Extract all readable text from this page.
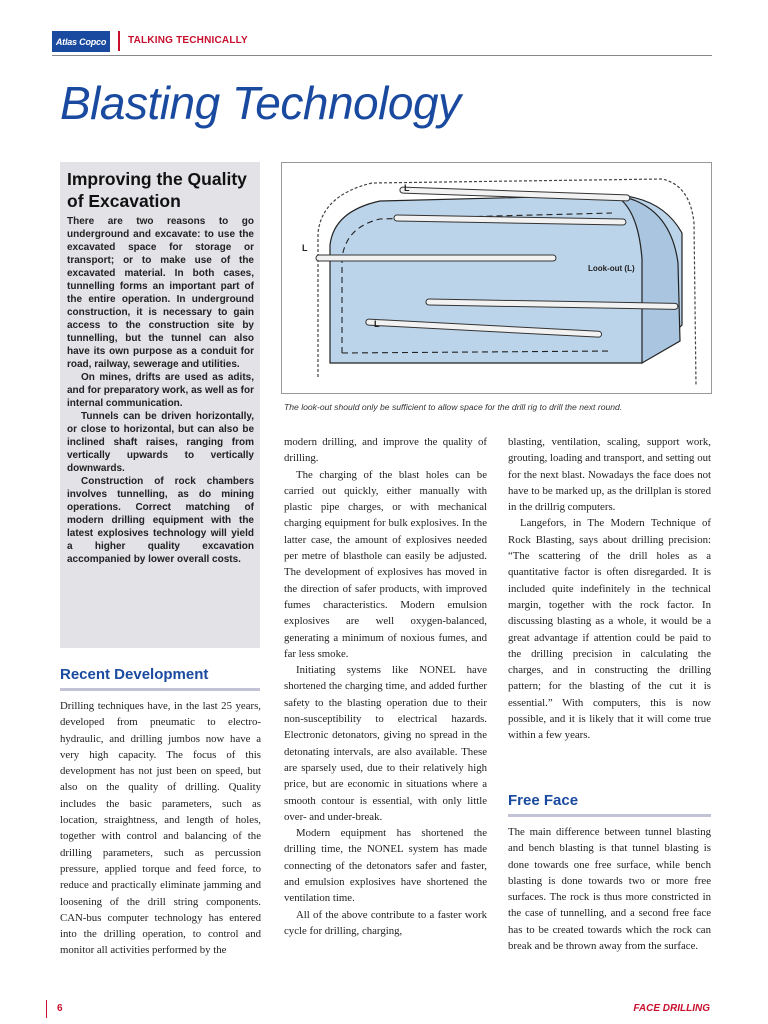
Atlas Copco	TALKING TECHNICALLY
Blasting Technology
Improving the Quality of Excavation

There are two reasons to go underground and excavate: to use the excavated space for storage or transport; or to make use of the excavated material. In both cases, tunnelling forms an important part of the entire operation. In underground construction, it is necessary to gain access to the construction site by tunnelling, but the tunnel can also have its own purpose as a conduit for road, railway, sewerage and utilities.

On mines, drifts are used as adits, and for preparatory work, as well as for internal communication.

Tunnels can be driven horizontally, or close to horizontal, but can also be inclined shaft raises, ranging from vertically upwards to vertically downwards.

Construction of rock chambers involves tunnelling, as do mining operations. Correct matching of modern drilling equipment with the latest explosives technology will yield a higher quality excavation accompanied by lower overall costs.

Recent Development

Drilling techniques have, in the last 25 years, developed from pneumatic to electro-hydraulic, and drilling jumbos now have a very high capacity. The focus of this development has not just been on speed, but also on the quality of drilling. Quality includes the basic parameters, such as location, straightness, and length of holes, together with control and balancing of the drilling parameters, such as percussion pressure, applied torque and feed force, to reduce and practically eliminate jamming and loosening of the drill string components. CAN-bus computer technology has entered into the drilling operation, to control and monitor all activities performed by the

L
L
L
Look-out (L)
The look-out should only be sufficient to allow space for the drill rig to drill the next round.

modern drilling, and improve the quality of drilling.

The charging of the blast holes can be carried out quickly, either manually with plastic pipe charges, or with mechanical charging equipment for bulk explosives. In the latter case, the amount of explosives needed per metre of blasthole can easily be adjusted. The development of explosives has moved in the direction of safer products, with improved fumes characteristics. Modern emulsion explosives are well oxygen-balanced, generating a minimum of noxious fumes, and far less smoke.

Initiating systems like NONEL have shortened the charging time, and added further safety to the blasting operation due to their non-susceptibility to electrical hazards. Electronic detonators, giving no spread in the detonating intervals, are also available. These are sparsely used, due to their relatively high price, but are economic in situations where a smooth contour is essential, with only little over- and under-break.

Modern equipment has shortened the drilling time, the NONEL system has made connecting of the detonators safer and faster, and emulsion explosives have shortened the ventilation time.

All of the above contribute to a faster work cycle for drilling, charging,

blasting, ventilation, scaling, support work, grouting, loading and transport, and setting out for the next blast. Nowadays the face does not have to be marked up, as the drillplan is stored in the drillrig computers.

Langefors, in The Modern Technique of Rock Blasting, says about drilling precision: “The scattering of the drill holes as a quantitative factor is often disregarded. It is included quite indefinitely in the technical margin, together with the rock factor. In discussing blasting as a whole, it would be a great advantage if attention could be paid to the drilling precision in calculating the charges, and in constructing the drilling pattern; for the blasting of the cut it is essential.” With computers, this is now possible, and it is likely that it will come true within a few years.

Free Face

The main difference between tunnel blasting and bench blasting is that tunnel blasting is done towards one free surface, while bench blasting is done towards two or more free surfaces. The rock is thus more constricted in the case of tunnelling, and a second free face has to be created towards which the rock can break and be thrown away from the surface.

6	FACE DRILLING
